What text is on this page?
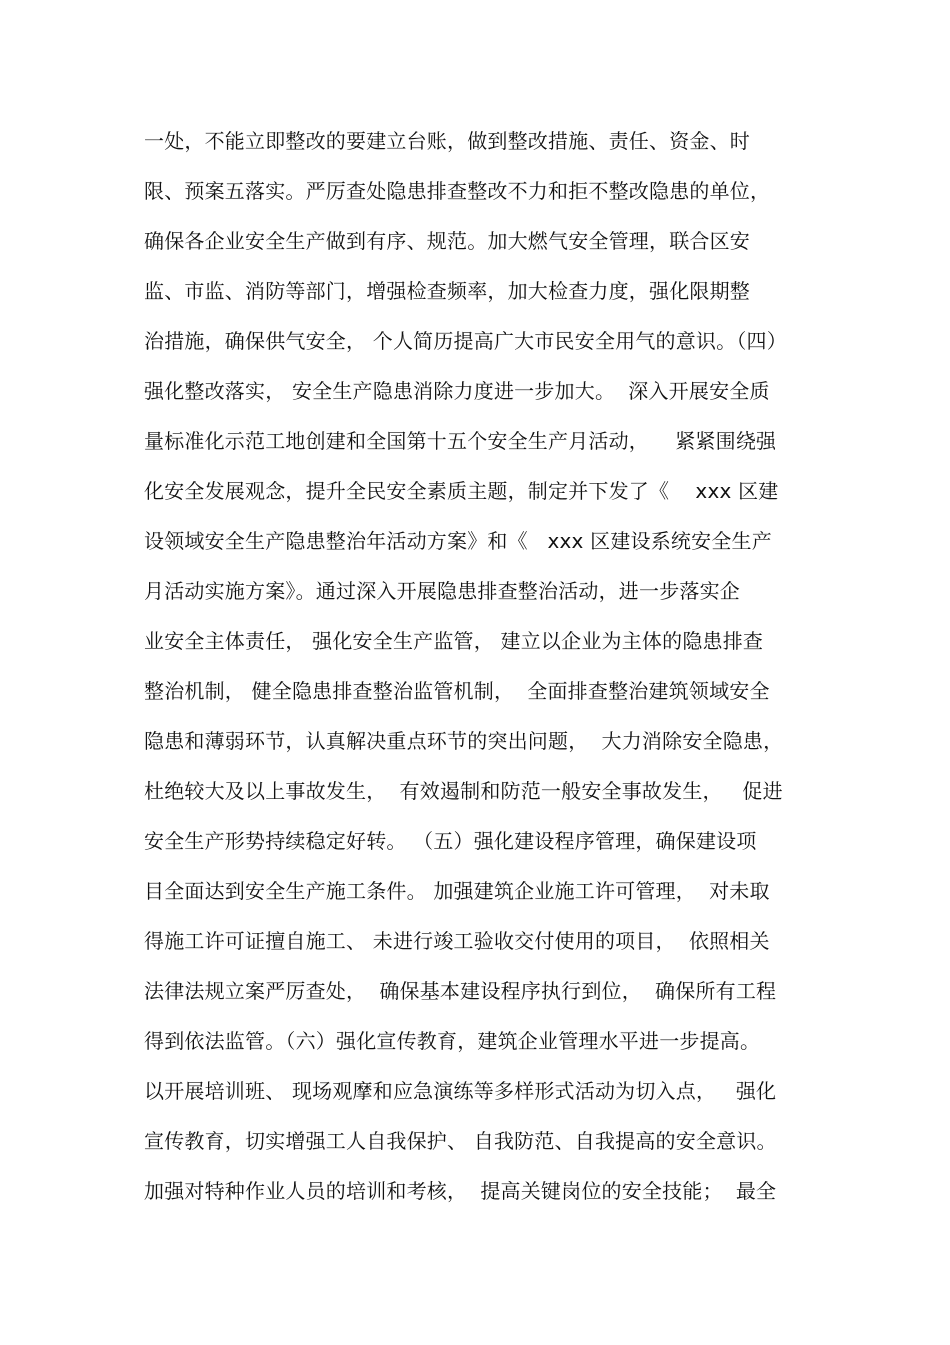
一处，不能立即整改的要建立台账，做到整改措施、责任、资金、时
限、预案五落实。严厉查处隐患排查整改不力和拒不整改隐患的单位，
确保各企业安全生产做到有序、规范。加大燃气安全管理，联合区安
监、市监、消防等部门，增强检查频率，加大检查力度，强化限期整
治措施，确保供气安全， 个人简历提高广大市民安全用气的意识。（四）
强化整改落实， 安全生产隐患消除力度进一步加大。  深入开展安全质
量标准化示范工地创建和全国第十五个安全生产月活动，    紧紧围绕强
化安全发展观念，提升全民安全素质主题，制定并下发了《    xxx 区建
设领域安全生产隐患整治年活动方案》和《   xxx 区建设系统安全生产
月活动实施方案》。通过深入开展隐患排查整治活动，进一步落实企
业安全主体责任， 强化安全生产监管， 建立以企业为主体的隐患排查
整治机制， 健全隐患排查整治监管机制，  全面排查整治建筑领域安全
隐患和薄弱环节，认真解决重点环节的突出问题，  大力消除安全隐患，
杜绝较大及以上事故发生，  有效遏制和防范一般安全事故发生，   促进
安全生产形势持续稳定好转。 （五）强化建设程序管理，确保建设项
目全面达到安全生产施工条件。 加强建筑企业施工许可管理，  对未取
得施工许可证擅自施工、 未进行竣工验收交付使用的项目，  依照相关
法律法规立案严厉查处，  确保基本建设程序执行到位，  确保所有工程
得到依法监管。（六）强化宣传教育，建筑企业管理水平进一步提高。
以开展培训班、 现场观摩和应急演练等多样形式活动为切入点，   强化
宣传教育，切实增强工人自我保护、 自我防范、自我提高的安全意识。
加强对特种作业人员的培训和考核，  提高关键岗位的安全技能；  最全
